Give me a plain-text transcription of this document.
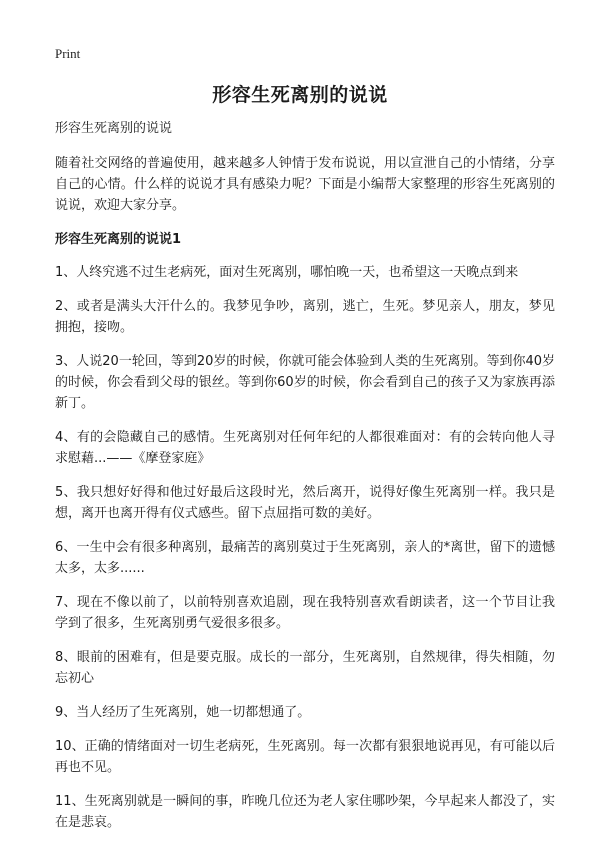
Print
形容生死离别的说说

形容生死离别的说说

随着社交网络的普遍使用，越来越多人钟情于发布说说，用以宣泄自己的小情绪，分享自己的心情。什么样的说说才具有感染力呢？下面是小编帮大家整理的形容生死离别的说说，欢迎大家分享。

形容生死离别的说说1

1、人终究逃不过生老病死，面对生死离别，哪怕晚一天，也希望这一天晚点到来

2、或者是满头大汗什么的。我梦见争吵，离别，逃亡，生死。梦见亲人，朋友，梦见拥抱，接吻。

3、人说20一轮回，等到20岁的时候，你就可能会体验到人类的生死离别。等到你40岁的时候，你会看到父母的银丝。等到你60岁的时候，你会看到自己的孩子又为家族再添新丁。

4、有的会隐藏自己的感情。生死离别对任何年纪的人都很难面对：有的会转向他人寻求慰藉...——《摩登家庭》

5、我只想好好得和他过好最后这段时光，然后离开，说得好像生死离别一样。我只是想，离开也离开得有仪式感些。留下点屈指可数的美好。

6、一生中会有很多种离别，最痛苦的离别莫过于生死离别，亲人的*离世，留下的遗憾太多，太多......

7、现在不像以前了，以前特别喜欢追剧，现在我特别喜欢看朗读者，这一个节目让我学到了很多，生死离别勇气爱很多很多。

8、眼前的困难有，但是要克服。成长的一部分，生死离别，自然规律，得失相随，勿忘初心

9、当人经历了生死离别，她一切都想通了。

10、正确的情绪面对一切生老病死，生死离别。每一次都有狠狠地说再见，有可能以后再也不见。

11、生死离别就是一瞬间的事，昨晚几位还为老人家住哪吵架，今早起来人都没了，实在是悲哀。
